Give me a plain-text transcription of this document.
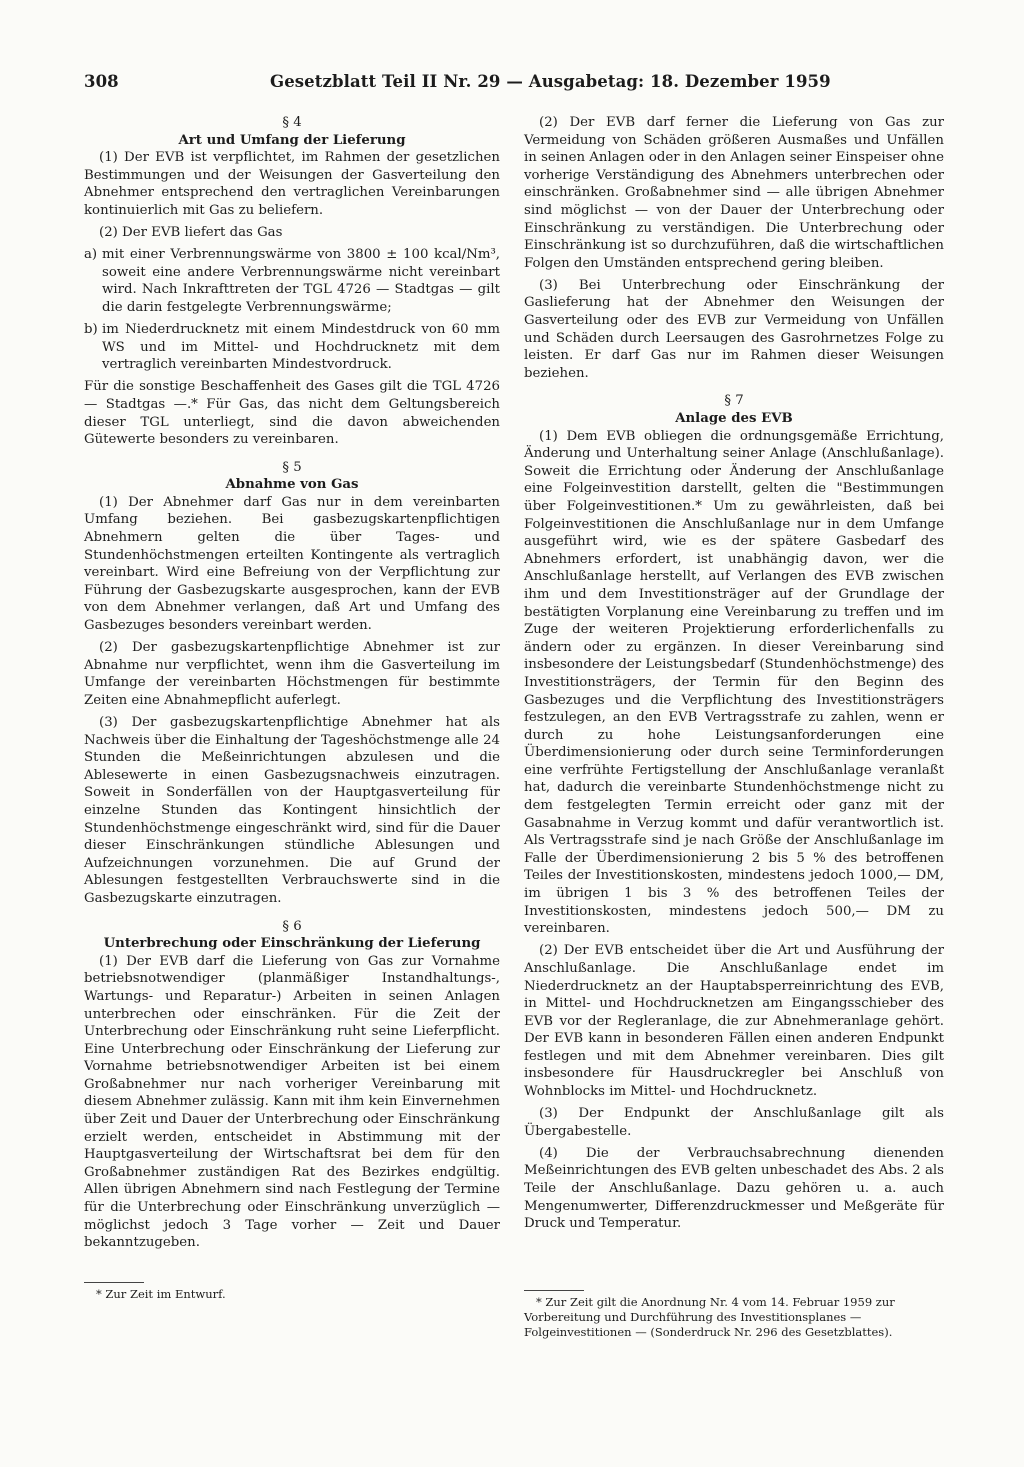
308	Gesetzblatt Teil II Nr. 29 — Ausgabetag: 18. Dezember 1959
§ 4
Art und Umfang der Lieferung

(1) Der EVB ist verpflichtet, im Rahmen der gesetzlichen Bestimmungen und der Weisungen der Gasverteilung den Abnehmer entsprechend den vertraglichen Vereinbarungen kontinuierlich mit Gas zu beliefern.

(2) Der EVB liefert das Gas

a) mit einer Verbrennungswärme von 3800 ± 100 kcal/Nm³, soweit eine andere Verbrennungswärme nicht vereinbart wird. Nach Inkrafttreten der TGL 4726 — Stadtgas — gilt die darin festgelegte Verbrennungswärme;

b) im Niederdrucknetz mit einem Mindestdruck von 60 mm WS und im Mittel- und Hochdrucknetz mit dem vertraglich vereinbarten Mindestvordruck.

Für die sonstige Beschaffenheit des Gases gilt die TGL 4726 — Stadtgas —.* Für Gas, das nicht dem Geltungsbereich dieser TGL unterliegt, sind die davon abweichenden Gütewerte besonders zu vereinbaren.

§ 5
Abnahme von Gas

(1) Der Abnehmer darf Gas nur in dem vereinbarten Umfang beziehen. Bei gasbezugskartenpflichtigen Abnehmern gelten die über Tages- und Stundenhöchstmengen erteilten Kontingente als vertraglich vereinbart. Wird eine Befreiung von der Verpflichtung zur Führung der Gasbezugskarte ausgesprochen, kann der EVB von dem Abnehmer verlangen, daß Art und Umfang des Gasbezuges besonders vereinbart werden.

(2) Der gasbezugskartenpflichtige Abnehmer ist zur Abnahme nur verpflichtet, wenn ihm die Gasverteilung im Umfange der vereinbarten Höchstmengen für bestimmte Zeiten eine Abnahmepflicht auferlegt.

(3) Der gasbezugskartenpflichtige Abnehmer hat als Nachweis über die Einhaltung der Tageshöchstmenge alle 24 Stunden die Meßeinrichtungen abzulesen und die Ablesewerte in einen Gasbezugsnachweis einzutragen. Soweit in Sonderfällen von der Hauptgasverteilung für einzelne Stunden das Kontingent hinsichtlich der Stundenhöchstmenge eingeschränkt wird, sind für die Dauer dieser Einschränkungen stündliche Ablesungen und Aufzeichnungen vorzunehmen. Die auf Grund der Ablesungen festgestellten Verbrauchswerte sind in die Gasbezugskarte einzutragen.

§ 6
Unterbrechung oder Einschränkung der Lieferung

(1) Der EVB darf die Lieferung von Gas zur Vornahme betriebsnotwendiger (planmäßiger Instandhaltungs-, Wartungs- und Reparatur-) Arbeiten in seinen Anlagen unterbrechen oder einschränken. Für die Zeit der Unterbrechung oder Einschränkung ruht seine Lieferpflicht. Eine Unterbrechung oder Einschränkung der Lieferung zur Vornahme betriebsnotwendiger Arbeiten ist bei einem Großabnehmer nur nach vorheriger Vereinbarung mit diesem Abnehmer zulässig. Kann mit ihm kein Einvernehmen über Zeit und Dauer der Unterbrechung oder Einschränkung erzielt werden, entscheidet in Abstimmung mit der Hauptgasverteilung der Wirtschaftsrat bei dem für den Großabnehmer zuständigen Rat des Bezirkes endgültig. Allen übrigen Abnehmern sind nach Festlegung der Termine für die Unterbrechung oder Einschränkung unverzüglich — möglichst jedoch 3 Tage vorher — Zeit und Dauer bekanntzugeben.

* Zur Zeit im Entwurf.

(2) Der EVB darf ferner die Lieferung von Gas zur Vermeidung von Schäden größeren Ausmaßes und Unfällen in seinen Anlagen oder in den Anlagen seiner Einspeiser ohne vorherige Verständigung des Abnehmers unterbrechen oder einschränken. Großabnehmer sind — alle übrigen Abnehmer sind möglichst — von der Dauer der Unterbrechung oder Einschränkung zu verständigen. Die Unterbrechung oder Einschränkung ist so durchzuführen, daß die wirtschaftlichen Folgen den Umständen entsprechend gering bleiben.

(3) Bei Unterbrechung oder Einschränkung der Gaslieferung hat der Abnehmer den Weisungen der Gasverteilung oder des EVB zur Vermeidung von Unfällen und Schäden durch Leersaugen des Gasrohrnetzes Folge zu leisten. Er darf Gas nur im Rahmen dieser Weisungen beziehen.

§ 7
Anlage des EVB

(1) Dem EVB obliegen die ordnungsgemäße Errichtung, Änderung und Unterhaltung seiner Anlage (Anschlußanlage). Soweit die Errichtung oder Änderung der Anschlußanlage eine Folgeinvestition darstellt, gelten die "Bestimmungen über Folgeinvestitionen.* Um zu gewährleisten, daß bei Folgeinvestitionen die Anschlußanlage nur in dem Umfange ausgeführt wird, wie es der spätere Gasbedarf des Abnehmers erfordert, ist unabhängig davon, wer die Anschlußanlage herstellt, auf Verlangen des EVB zwischen ihm und dem Investitionsträger auf der Grundlage der bestätigten Vorplanung eine Vereinbarung zu treffen und im Zuge der weiteren Projektierung erforderlichenfalls zu ändern oder zu ergänzen. In dieser Vereinbarung sind insbesondere der Leistungsbedarf (Stundenhöchstmenge) des Investitionsträgers, der Termin für den Beginn des Gasbezuges und die Verpflichtung des Investitionsträgers festzulegen, an den EVB Vertragsstrafe zu zahlen, wenn er durch zu hohe Leistungsanforderungen eine Überdimensionierung oder durch seine Terminforderungen eine verfrühte Fertigstellung der Anschlußanlage veranlaßt hat, dadurch die vereinbarte Stundenhöchstmenge nicht zu dem festgelegten Termin erreicht oder ganz mit der Gasabnahme in Verzug kommt und dafür verantwortlich ist. Als Vertragsstrafe sind je nach Größe der Anschlußanlage im Falle der Überdimensionierung 2 bis 5 % des betroffenen Teiles der Investitionskosten, mindestens jedoch 1000,— DM, im übrigen 1 bis 3 % des betroffenen Teiles der Investitionskosten, mindestens jedoch 500,— DM zu vereinbaren.

(2) Der EVB entscheidet über die Art und Ausführung der Anschlußanlage. Die Anschlußanlage endet im Niederdrucknetz an der Hauptabsperreinrichtung des EVB, in Mittel- und Hochdrucknetzen am Eingangsschieber des EVB vor der Regleranlage, die zur Abnehmeranlage gehört. Der EVB kann in besonderen Fällen einen anderen Endpunkt festlegen und mit dem Abnehmer vereinbaren. Dies gilt insbesondere für Hausdruckregler bei Anschluß von Wohnblocks im Mittel- und Hochdrucknetz.

(3) Der Endpunkt der Anschlußanlage gilt als Übergabestelle.

(4) Die der Verbrauchsabrechnung dienenden Meßeinrichtungen des EVB gelten unbeschadet des Abs. 2 als Teile der Anschlußanlage. Dazu gehören u. a. auch Mengenumwerter, Differenzdruckmesser und Meßgeräte für Druck und Temperatur.

* Zur Zeit gilt die Anordnung Nr. 4 vom 14. Februar 1959 zur Vorbereitung und Durchführung des Investitionsplanes — Folgeinvestitionen — (Sonderdruck Nr. 296 des Gesetzblattes).
